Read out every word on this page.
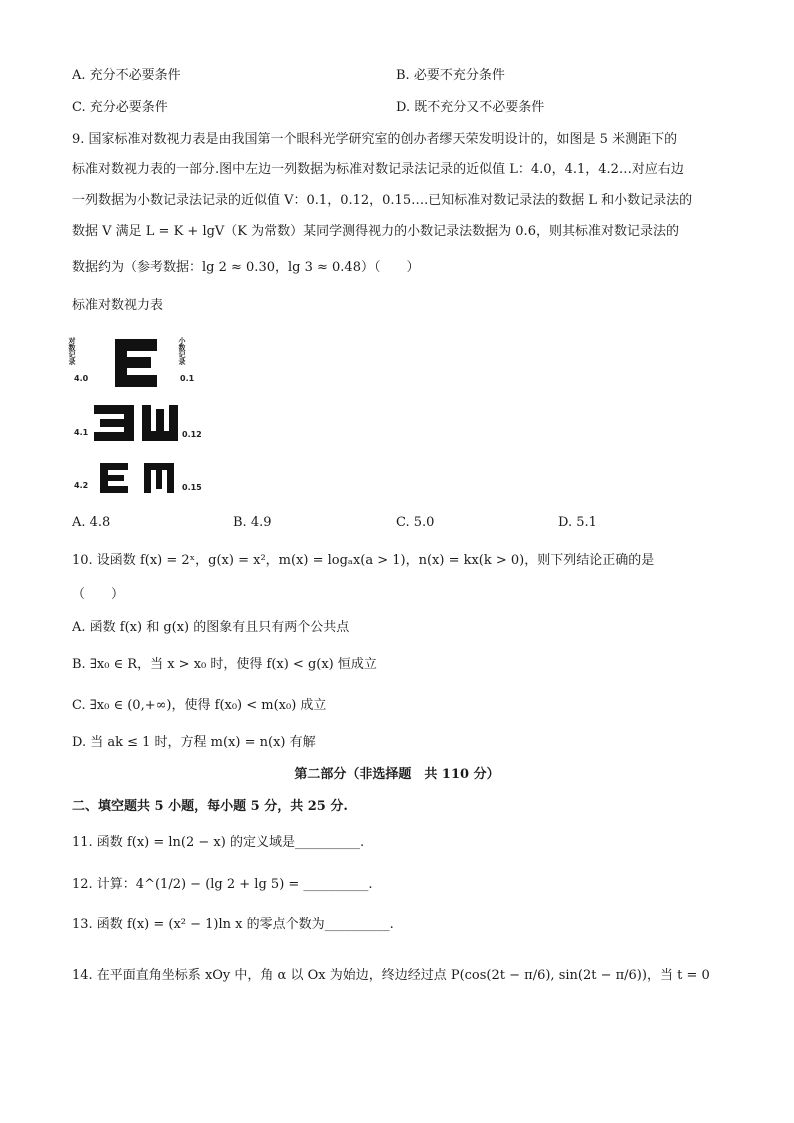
A. 充分不必要条件	B. 必要不充分条件
C. 充分必要条件	D. 既不充分又不必要条件
9. 国家标准对数视力表是由我国第一个眼科光学研究室的创办者缪天荣发明设计的，如图是 5 米测距下的
标准对数视力表的一部分.图中左边一列数据为标准对数记录法记录的近似值 L：4.0，4.1，4.2…对应右边
一列数据为小数记录法记录的近似值 V：0.1，0.12，0.15….已知标准对数记录法的数据 L 和小数记录法的
数据 V 满足 L = K + lgV（K 为常数）某同学测得视力的小数记录法数据为 0.6，则其标准对数记录法的
数据约为（参考数据：lg 2 ≈ 0.30，lg 3 ≈ 0.48）（　　）
标准对数视力表
对数记录	小数记录
4.0	0.1
4.1	0.12
4.2	0.15
A. 4.8	B. 4.9	C. 5.0	D. 5.1
10. 设函数 f(x) = 2ˣ，g(x) = x²，m(x) = logₐx(a > 1)，n(x) = kx(k > 0)，则下列结论正确的是
（　　）
A. 函数 f(x) 和 g(x) 的图象有且只有两个公共点
B. ∃x₀ ∈ R，当 x > x₀ 时，使得 f(x) < g(x) 恒成立
C. ∃x₀ ∈ (0,+∞)，使得 f(x₀) < m(x₀) 成立
D. 当 ak ≤ 1 时，方程 m(x) = n(x) 有解
第二部分（非选择题　共 110 分）
二、填空题共 5 小题，每小题 5 分，共 25 分.
11. 函数 f(x) = ln(2 − x) 的定义域是__________.
12. 计算：4^(1/2) − (lg 2 + lg 5) = __________.
13. 函数 f(x) = (x² − 1)ln x 的零点个数为__________.
14. 在平面直角坐标系 xOy 中，角 α 以 Ox 为始边，终边经过点 P(cos(2t − π/6), sin(2t − π/6))，当 t = 0
